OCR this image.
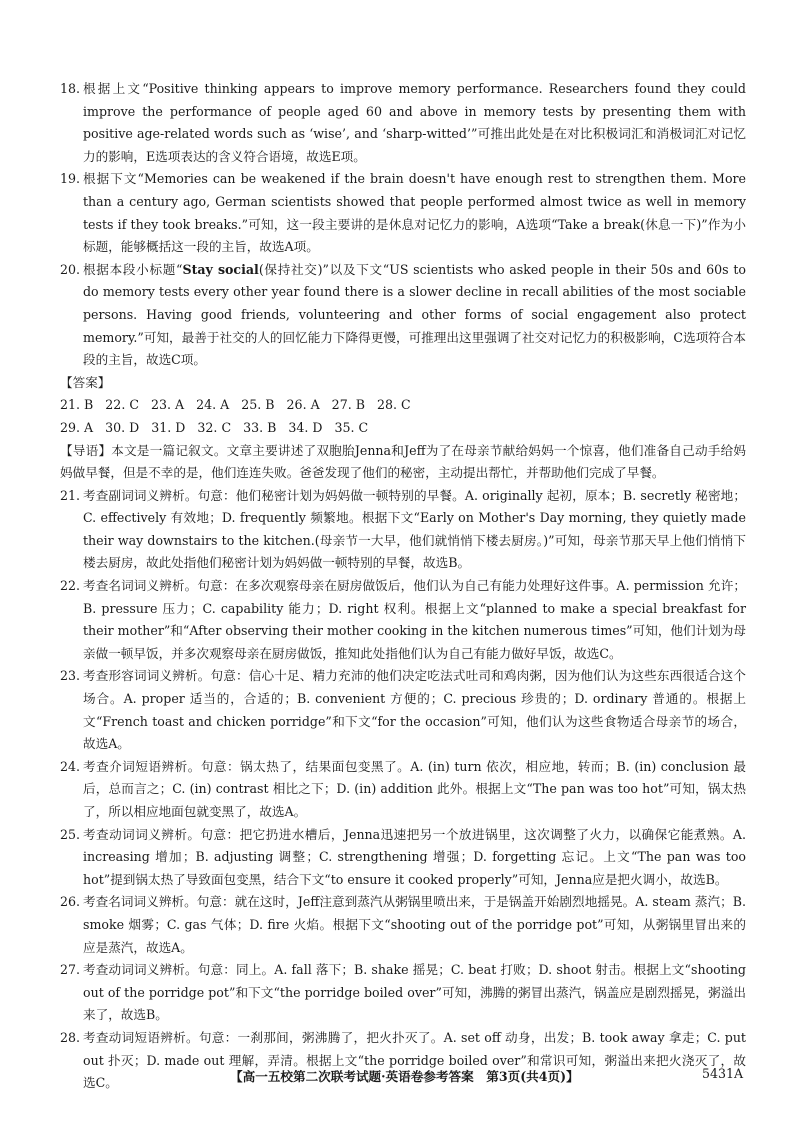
18. 根据上文“Positive thinking appears to improve memory performance. Researchers found they could improve the performance of people aged 60 and above in memory tests by presenting them with positive age-related words such as ‘wise’, and ‘sharp-witted’”可推出此处是在对比积极词汇和消极词汇对记忆力的影响，E选项表达的含义符合语境，故选E项。

19. 根据下文“Memories can be weakened if the brain doesn't have enough rest to strengthen them. More than a century ago, German scientists showed that people performed almost twice as well in memory tests if they took breaks.”可知，这一段主要讲的是休息对记忆力的影响，A选项“Take a break(休息一下)”作为小标题，能够概括这一段的主旨，故选A项。

20. 根据本段小标题“Stay social(保持社交)”以及下文“US scientists who asked people in their 50s and 60s to do memory tests every other year found there is a slower decline in recall abilities of the most sociable persons. Having good friends, volunteering and other forms of social engagement also protect memory.”可知，最善于社交的人的回忆能力下降得更慢，可推理出这里强调了社交对记忆力的积极影响，C选项符合本段的主旨，故选C项。

【答案】

21. B   22. C   23. A   24. A   25. B   26. A   27. B   28. C

29. A   30. D   31. D   32. C   33. B   34. D   35. C

【导语】本文是一篇记叙文。文章主要讲述了双胞胎Jenna和Jeff为了在母亲节献给妈妈一个惊喜，他们准备自己动手给妈妈做早餐，但是不幸的是，他们连连失败。爸爸发现了他们的秘密，主动提出帮忙，并帮助他们完成了早餐。

21. 考查副词词义辨析。句意：他们秘密计划为妈妈做一顿特别的早餐。A. originally 起初，原本；B. secretly 秘密地；C. effectively 有效地；D. frequently 频繁地。根据下文“Early on Mother's Day morning, they quietly made their way downstairs to the kitchen.(母亲节一大早，他们就悄悄下楼去厨房。)”可知，母亲节那天早上他们悄悄下楼去厨房，故此处指他们秘密计划为妈妈做一顿特别的早餐，故选B。

22. 考查名词词义辨析。句意：在多次观察母亲在厨房做饭后，他们认为自己有能力处理好这件事。A. permission 允许；B. pressure 压力；C. capability 能力；D. right 权利。根据上文“planned to make a special breakfast for their mother”和“After observing their mother cooking in the kitchen numerous times”可知，他们计划为母亲做一顿早饭，并多次观察母亲在厨房做饭，推知此处指他们认为自己有能力做好早饭，故选C。

23. 考查形容词词义辨析。句意：信心十足、精力充沛的他们决定吃法式吐司和鸡肉粥，因为他们认为这些东西很适合这个场合。A. proper 适当的，合适的；B. convenient 方便的；C. precious 珍贵的；D. ordinary 普通的。根据上文“French toast and chicken porridge”和下文“for the occasion”可知，他们认为这些食物适合母亲节的场合，故选A。

24. 考查介词短语辨析。句意：锅太热了，结果面包变黑了。A. (in) turn 依次，相应地，转而；B. (in) conclusion 最后，总而言之；C. (in) contrast 相比之下；D. (in) addition 此外。根据上文“The pan was too hot”可知，锅太热了，所以相应地面包就变黑了，故选A。

25. 考查动词词义辨析。句意：把它扔进水槽后，Jenna迅速把另一个放进锅里，这次调整了火力，以确保它能煮熟。A. increasing 增加；B. adjusting 调整；C. strengthening 增强；D. forgetting 忘记。上文“The pan was too hot”提到锅太热了导致面包变黑，结合下文“to ensure it cooked properly”可知，Jenna应是把火调小，故选B。

26. 考查名词词义辨析。句意：就在这时，Jeff注意到蒸汽从粥锅里喷出来，于是锅盖开始剧烈地摇晃。A. steam 蒸汽；B. smoke 烟雾；C. gas 气体；D. fire 火焰。根据下文“shooting out of the porridge pot”可知，从粥锅里冒出来的应是蒸汽，故选A。

27. 考查动词词义辨析。句意：同上。A. fall 落下；B. shake 摇晃；C. beat 打败；D. shoot 射击。根据上文“shooting out of the porridge pot”和下文“the porridge boiled over”可知，沸腾的粥冒出蒸汽，锅盖应是剧烈摇晃，粥溢出来了，故选B。

28. 考查动词短语辨析。句意：一刹那间，粥沸腾了，把火扑灭了。A. set off 动身，出发；B. took away 拿走；C. put out 扑灭；D. made out 理解，弄清。根据上文“the porridge boiled over”和常识可知，粥溢出来把火浇灭了，故选C。	【高一五校第二次联考试题·英语卷参考答案　第3页(共4页)】	5431A
